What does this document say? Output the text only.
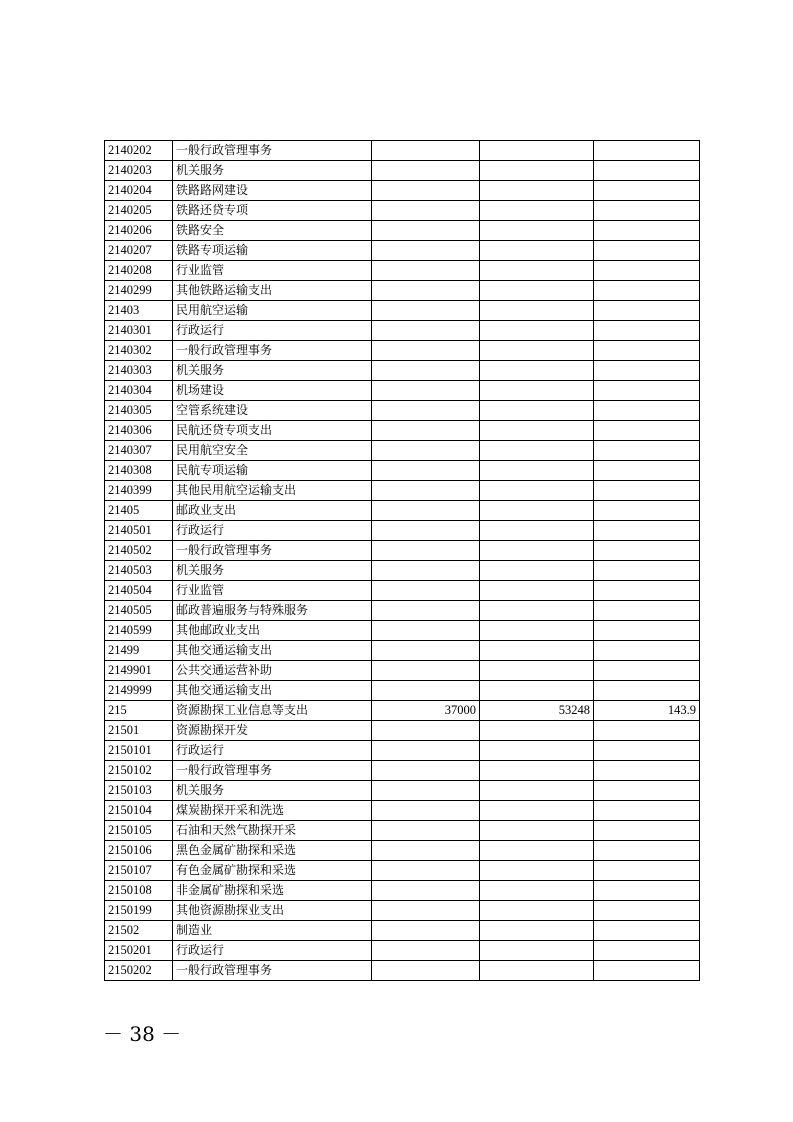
2140202	一般行政管理事务			
2140203	机关服务			
2140204	铁路路网建设			
2140205	铁路还贷专项			
2140206	铁路安全			
2140207	铁路专项运输			
2140208	行业监管			
2140299	其他铁路运输支出			
21403	民用航空运输			
2140301	行政运行			
2140302	一般行政管理事务			
2140303	机关服务			
2140304	机场建设			
2140305	空管系统建设			
2140306	民航还贷专项支出			
2140307	民用航空安全			
2140308	民航专项运输			
2140399	其他民用航空运输支出			
21405	邮政业支出			
2140501	行政运行			
2140502	一般行政管理事务			
2140503	机关服务			
2140504	行业监管			
2140505	邮政普遍服务与特殊服务			
2140599	其他邮政业支出			
21499	其他交通运输支出			
2149901	公共交通运营补助			
2149999	其他交通运输支出			
215	资源勘探工业信息等支出	37000	53248	143.9
21501	资源勘探开发			
2150101	行政运行			
2150102	一般行政管理事务			
2150103	机关服务			
2150104	煤炭勘探开采和洗选			
2150105	石油和天然气勘探开采			
2150106	黑色金属矿勘探和采选			
2150107	有色金属矿勘探和采选			
2150108	非金属矿勘探和采选			
2150199	其他资源勘探业支出			
21502	制造业			
2150201	行政运行			
2150202	一般行政管理事务			
－ 38 －
